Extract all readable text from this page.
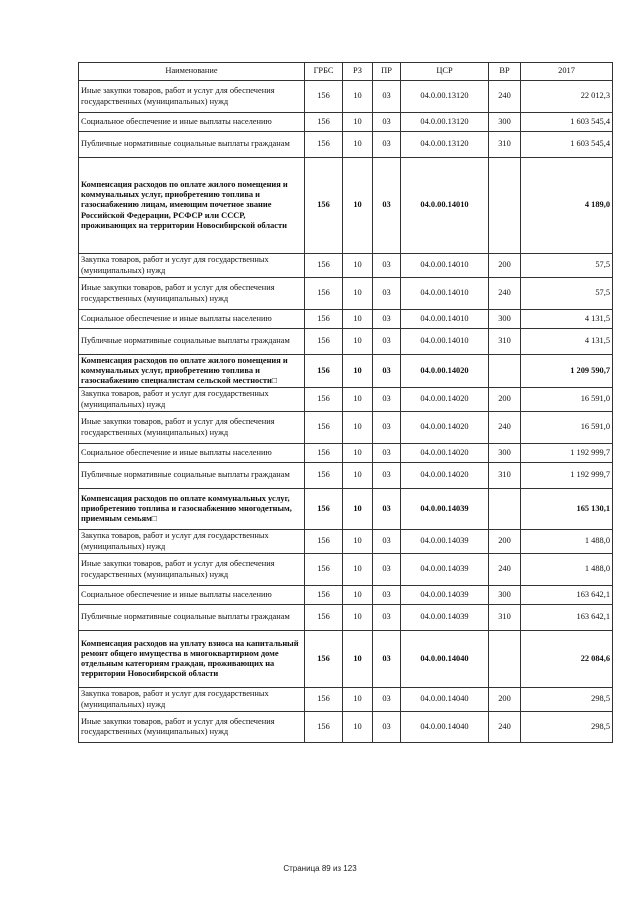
Наименование	ГРБС	РЗ	ПР	ЦСР	ВР	2017
Иные закупки товаров, работ и услуг для обеспечения государственных (муниципальных) нужд	156	10	03	04.0.00.13120	240	22 012,3
Социальное обеспечение и иные выплаты населению	156	10	03	04.0.00.13120	300	1 603 545,4
Публичные нормативные социальные выплаты гражданам	156	10	03	04.0.00.13120	310	1 603 545,4
Компенсация расходов по оплате жилого помещения и коммунальных услуг, приобретению топлива и газоснабжению лицам, имеющим почетное звание Российской Федерации, РСФСР или СССР, проживающих на территории Новосибирской области	156	10	03	04.0.00.14010		4 189,0
Закупка товаров, работ и услуг для государственных (муниципальных) нужд	156	10	03	04.0.00.14010	200	57,5
Иные закупки товаров, работ и услуг для обеспечения государственных (муниципальных) нужд	156	10	03	04.0.00.14010	240	57,5
Социальное обеспечение и иные выплаты населению	156	10	03	04.0.00.14010	300	4 131,5
Публичные нормативные социальные выплаты гражданам	156	10	03	04.0.00.14010	310	4 131,5
Компенсация расходов по оплате жилого помещения и коммунальных услуг, приобретению топлива и газоснабжению специалистам сельской местности□	156	10	03	04.0.00.14020		1 209 590,7
Закупка товаров, работ и услуг для государственных (муниципальных) нужд	156	10	03	04.0.00.14020	200	16 591,0
Иные закупки товаров, работ и услуг для обеспечения государственных (муниципальных) нужд	156	10	03	04.0.00.14020	240	16 591,0
Социальное обеспечение и иные выплаты населению	156	10	03	04.0.00.14020	300	1 192 999,7
Публичные нормативные социальные выплаты гражданам	156	10	03	04.0.00.14020	310	1 192 999,7
Компенсация расходов по оплате коммунальных услуг, приобретению топлива и газоснабжению многодетным, приемным семьям□	156	10	03	04.0.00.14039		165 130,1
Закупка товаров, работ и услуг для государственных (муниципальных) нужд	156	10	03	04.0.00.14039	200	1 488,0
Иные закупки товаров, работ и услуг для обеспечения государственных (муниципальных) нужд	156	10	03	04.0.00.14039	240	1 488,0
Социальное обеспечение и иные выплаты населению	156	10	03	04.0.00.14039	300	163 642,1
Публичные нормативные социальные выплаты гражданам	156	10	03	04.0.00.14039	310	163 642,1
Компенсация расходов на уплату взноса на капитальный ремонт общего имущества в многоквартирном доме отдельным категориям граждан, проживающих на территории Новосибирской области	156	10	03	04.0.00.14040		22 084,6
Закупка товаров, работ и услуг для государственных (муниципальных) нужд	156	10	03	04.0.00.14040	200	298,5
Иные закупки товаров, работ и услуг для обеспечения государственных (муниципальных) нужд	156	10	03	04.0.00.14040	240	298,5
Страница 89 из 123
